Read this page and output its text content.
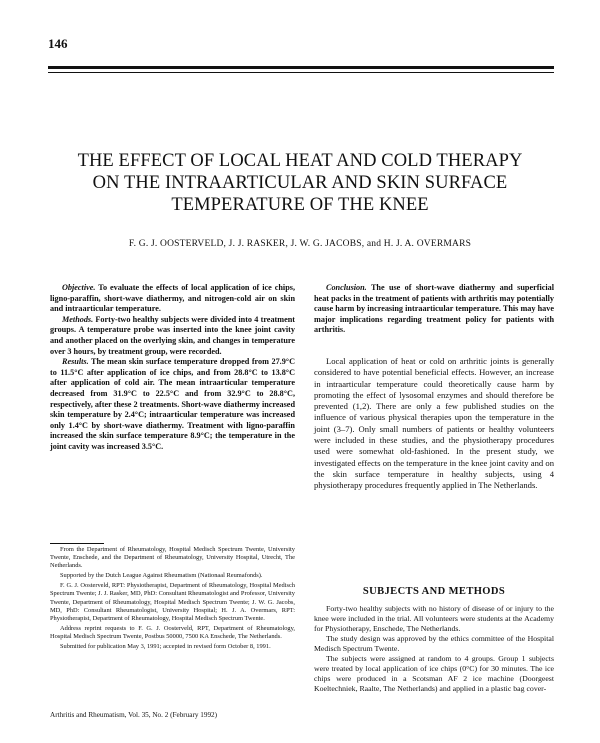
146
THE EFFECT OF LOCAL HEAT AND COLD THERAPY
ON THE INTRAARTICULAR AND SKIN SURFACE
TEMPERATURE OF THE KNEE
F. G. J. OOSTERVELD, J. J. RASKER, J. W. G. JACOBS, and H. J. A. OVERMARS

Objective. To evaluate the effects of local application of ice chips, ligno-paraffin, short-wave diathermy, and nitrogen-cold air on skin and intraarticular temperature.

Methods. Forty-two healthy subjects were divided into 4 treatment groups. A temperature probe was inserted into the knee joint cavity and another placed on the overlying skin, and changes in temperature over 3 hours, by treatment group, were recorded.

Results. The mean skin surface temperature dropped from 27.9°C to 11.5°C after application of ice chips, and from 28.8°C to 13.8°C after application of cold air. The mean intraarticular temperature decreased from 31.9°C to 22.5°C and from 32.9°C to 28.8°C, respectively, after these 2 treatments. Short-wave diathermy increased skin temperature by 2.4°C; intraarticular temperature was increased only 1.4°C by short-wave diathermy. Treatment with ligno-paraffin increased the skin surface temperature 8.9°C; the temperature in the joint cavity was increased 3.5°C.

Conclusion. The use of short-wave diathermy and superficial heat packs in the treatment of patients with arthritis may potentially cause harm by increasing intraarticular temperature. This may have major implications regarding treatment policy for patients with arthritis.

Local application of heat or cold on arthritic joints is generally considered to have potential beneficial effects. However, an increase in intraarticular temperature could theoretically cause harm by promoting the effect of lysosomal enzymes and should therefore be prevented (1,2). There are only a few published studies on the influence of various physical therapies upon the temperature in the joint (3–7). Only small numbers of patients or healthy volunteers were included in these studies, and the physiotherapy procedures used were somewhat old-fashioned. In the present study, we investigated effects on the temperature in the knee joint cavity and on the skin surface temperature in healthy subjects, using 4 physiotherapy procedures frequently applied in The Netherlands.

From the Department of Rheumatology, Hospital Medisch Spectrum Twente, University Twente, Enschede, and the Department of Rheumatology, University Hospital, Utrecht, The Netherlands.

Supported by the Dutch League Against Rheumatism (Nationaal Reumafonds).

F. G. J. Oosterveld, RPT: Physiotherapist, Department of Rheumatology, Hospital Medisch Spectrum Twente; J. J. Rasker, MD, PhD: Consultant Rheumatologist and Professor, University Twente, Department of Rheumatology, Hospital Medisch Spectrum Twente; J. W. G. Jacobs, MD, PhD: Consultant Rheumatologist, University Hospital; H. J. A. Overmars, RPT: Physiotherapist, Department of Rheumatology, Hospital Medisch Spectrum Twente.

Address reprint requests to F. G. J. Oosterveld, RPT, Department of Rheumatology, Hospital Medisch Spectrum Twente, Postbus 50000, 7500 KA Enschede, The Netherlands.

Submitted for publication May 3, 1991; accepted in revised form October 8, 1991.

SUBJECTS AND METHODS

Forty-two healthy subjects with no history of disease of or injury to the knee were included in the trial. All volunteers were students at the Academy for Physiotherapy, Enschede, The Netherlands.

The study design was approved by the ethics committee of the Hospital Medisch Spectrum Twente.

The subjects were assigned at random to 4 groups. Group 1 subjects were treated by local application of ice chips (0°C) for 30 minutes. The ice chips were produced in a Scotsman AF 2 ice machine (Doorgeest Koeltechniek, Raalte, The Netherlands) and applied in a plastic bag cover-

Arthritis and Rheumatism, Vol. 35, No. 2 (February 1992)
